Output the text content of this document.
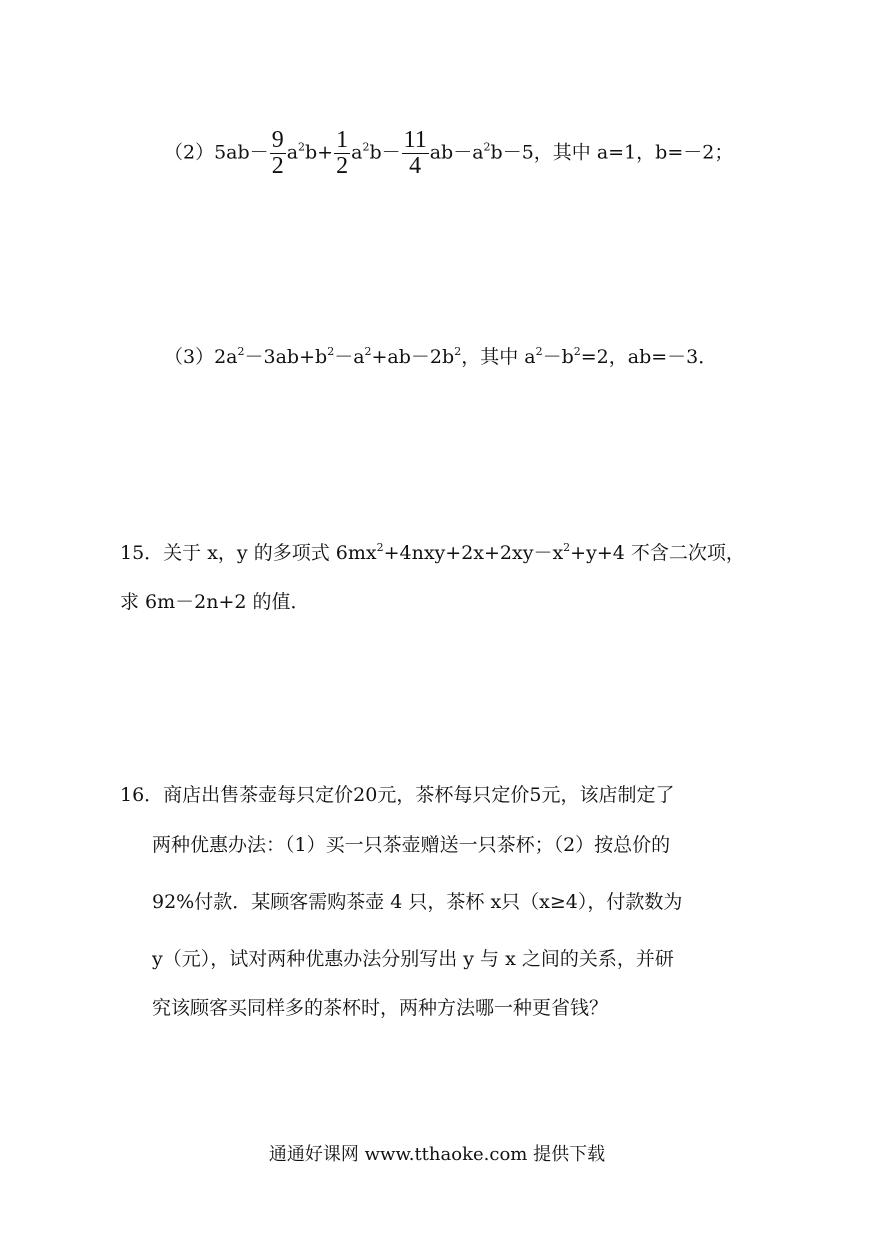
$(2)5ab- \frac{9}{2} a^2b+ \frac{1}{2} a^2b- \frac{11}{4} ab-a^2b-5$，其中 a=1，b=－2；
$(3)2a^2-3ab+b^2-a^2+ab-2b^2$，其中 $a^2-b^2=2$，ab=－3．
15．关于 x，y 的多项式 $6mx^2+4nxy+2x+2xy-x^2+y+4$ 不含二次项，
求 6m－2n+2 的值．
16．商店出售茶壶每只定价20元，茶杯每只定价5元，该店制定了
两种优惠办法：（1）买一只茶壶赠送一只茶杯；（2）按总价的
92%付款．某顾客需购茶壶 4 只，茶杯 x只（x≥4），付款数为
y（元），试对两种优惠办法分别写出 y 与 x 之间的关系，并研
究该顾客买同样多的茶杯时，两种方法哪一种更省钱？
通通好课网 www.tthaoke.com 提供下载
